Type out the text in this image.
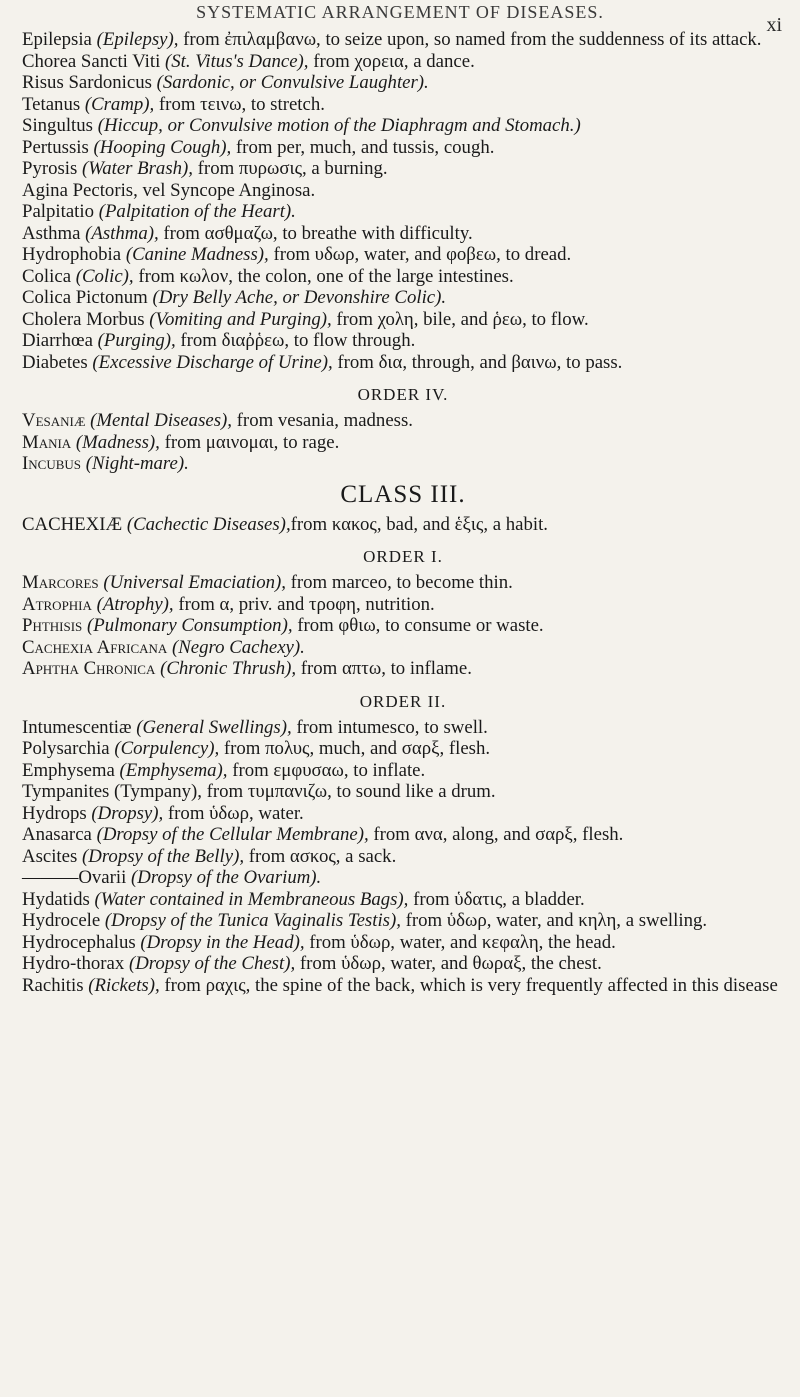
SYSTEMATIC ARRANGEMENT OF DISEASES.
xi

Epilepsia (Epilepsy), from ἐπιλαμβανω, to seize upon, so named from the suddenness of its attack.

Chorea Sancti Viti (St. Vitus's Dance), from χορεια, a dance.

Risus Sardonicus (Sardonic, or Convulsive Laughter).

Tetanus (Cramp), from τεινω, to stretch.

Singultus (Hiccup, or Convulsive motion of the Diaphragm and Stomach.)

Pertussis (Hooping Cough), from per, much, and tussis, cough.

Pyrosis (Water Brash), from πυρωσις, a burning.

Agina Pectoris, vel Syncope Anginosa.

Palpitatio (Palpitation of the Heart).

Asthma (Asthma), from ασθμαζω, to breathe with difficulty.

Hydrophobia (Canine Madness), from υδωρ, water, and φοβεω, to dread.

Colica (Colic), from κωλον, the colon, one of the large intestines.

Colica Pictonum (Dry Belly Ache, or Devonshire Colic).

Cholera Morbus (Vomiting and Purging), from χολη, bile, and ῥεω, to flow.

Diarrhœa (Purging), from διαῤῥεω, to flow through.

Diabetes (Excessive Discharge of Urine), from δια, through, and βαινω, to pass.

ORDER IV.

Vesaniæ (Mental Diseases), from vesania, madness.

Mania (Madness), from μαινομαι, to rage.

Incubus (Night-mare).

CLASS III.

CACHEXIÆ (Cachectic Diseases),from κακος, bad, and ἑξις, a habit.

ORDER I.

Marcores (Universal Emaciation), from marceo, to become thin.

Atrophia (Atrophy), from α, priv. and τροφη, nutrition.

Phthisis (Pulmonary Consumption), from φθιω, to consume or waste.

Cachexia Africana (Negro Cachexy).

Aphtha Chronica (Chronic Thrush), from απτω, to inflame.

ORDER II.

Intumescentiæ (General Swellings), from intumesco, to swell.

Polysarchia (Corpulency), from πολυς, much, and σαρξ, flesh.

Emphysema (Emphysema), from εμφυσαω, to inflate.

Tympanites (Tympany), from τυμπανιζω, to sound like a drum.

Hydrops (Dropsy), from ὑδωρ, water.

Anasarca (Dropsy of the Cellular Membrane), from ανα, along, and σαρξ, flesh.

Ascites (Dropsy of the Belly), from ασκος, a sack.

———Ovarii (Dropsy of the Ovarium).

Hydatids (Water contained in Membraneous Bags), from ὑδατις, a bladder.

Hydrocele (Dropsy of the Tunica Vaginalis Testis), from ὑδωρ, water, and κηλη, a swelling.

Hydrocephalus (Dropsy in the Head), from ὑδωρ, water, and κεφαλη, the head.

Hydro-thorax (Dropsy of the Chest), from ὑδωρ, water, and θωραξ, the chest.

Rachitis (Rickets), from ραχις, the spine of the back, which is very frequently affected in this disease
